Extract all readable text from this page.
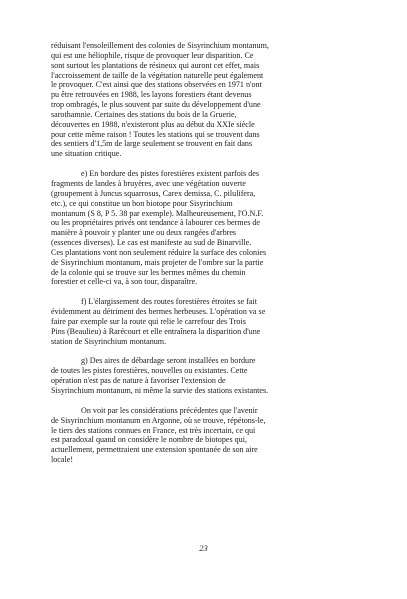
réduisant l'ensoleillement des colonies de Sisyrinchium montanum,
qui est une héliophile, risque de provoquer leur disparition. Ce
sont surtout les plantations de résineux qui auront cet effet, mais
l'accroissement de taille de la végétation naturelle peut également
le provoquer. C'est ainsi que des stations observées en 1971 n'ont
pu être retrouvées en 1988, les layons forestiers étant devenus
trop ombragés, le plus souvent par suite du développement d'une
sarothamnie. Certaines des stations du bois de la Gruerie,
découvertes en 1988, n'existeront plus au début du XXIe siècle
pour cette même raison ! Toutes les stations qui se trouvent dans
des sentiers d'1,5m de large seulement se trouvent en fait dans
une situation critique.

e) En bordure des pistes forestières existent parfois des
fragments de landes à bruyères, avec une végétation ouverte
(groupement à Juncus squarrosus, Carex demissa, C. pilulifera,
etc.), ce qui constitue un bon biotope pour Sisyrinchium
montanum (S 8, P 5. 38 par exemple). Malheureusement, l'O.N.F.
ou les propriétaires privés ont tendance à labourer ces bermes de
manière à pouvoir y planter une ou deux rangées d'arbres
(essences diverses). Le cas est manifeste au sud de Binarville.
Ces plantations vont non seulement réduire la surface des colonies
de Sisyrinchium montanum, mais projeter de l'ombre sur la partie
de la colonie qui se trouve sur les bermes mêmes du chemin
forestier et celle-ci va, à son tour, disparaître.

f) L'élargissement des routes forestières étroites se fait
évidemment au détriment des bermes herbeuses. L'opération va se
faire par exemple sur la route qui relie le carrefour des Trois
Pins (Beaulieu) à Rarécourt et elle entraînera la disparition d'une
station de Sisyrinchium montanum.

g) Des aires de débardage seront installées en bordure
de toutes les pistes forestières, nouvelles ou existantes. Cette
opération n'est pas de nature à favoriser l'extension de
Sisyrinchium montanum, ni même la survie des stations existantes.

On voit par les considérations précédentes que l'avenir
de Sisyrinchium montanum en Argonne, où se trouve, répétons-le,
le tiers des stations connues en France, est très incertain, ce qui
est paradoxal quand on considère le nombre de biotopes qui,
actuellement, permettraient une extension spontanée de son aire
locale!

23
